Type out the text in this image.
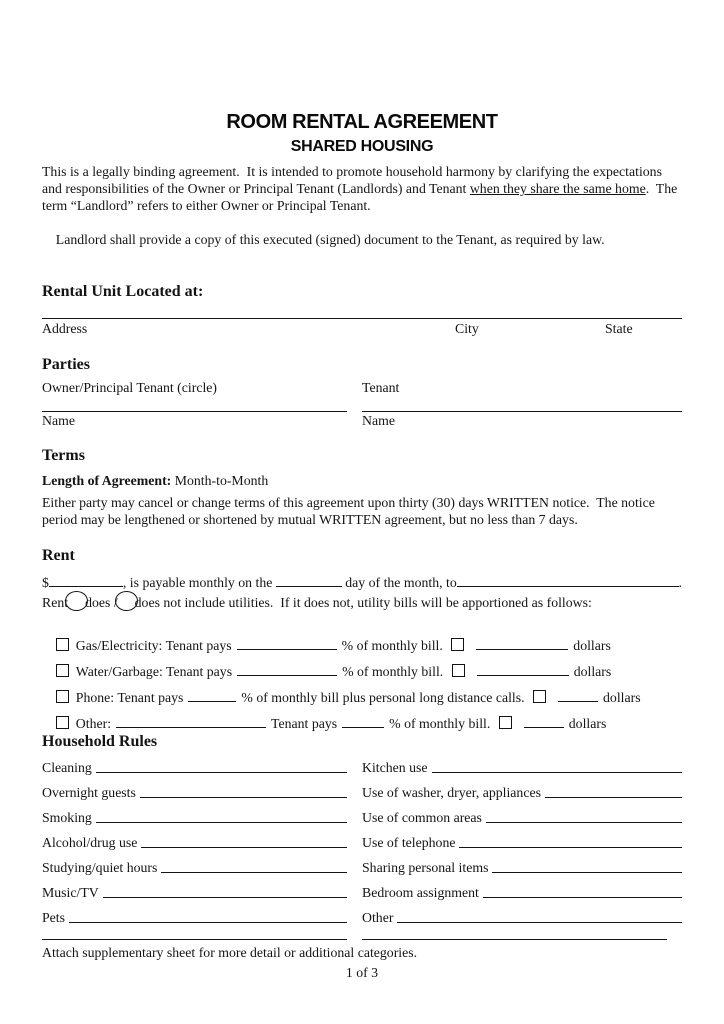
ROOM RENTAL AGREEMENT
SHARED HOUSING
This is a legally binding agreement.  It is intended to promote household harmony by clarifying the expectations and responsibilities of the Owner or Principal Tenant (Landlords) and Tenant when they share the same home.  The term “Landlord” refers to either Owner or Principal Tenant.

Landlord shall provide a copy of this executed (signed) document to the Tenant, as required by law.

Rental Unit Located at:
Address	City	State
Parties
Owner/Principal Tenant (circle)	Tenant
Name	Name
Terms
Length of Agreement: Month-to-Month
Either party may cancel or change terms of this agreement upon thirty (30) days WRITTEN notice.  The notice period may be lengthened or shortened by mutual WRITTEN agreement, but no less than 7 days.
Rent
$	, is payable monthly on the	day of the month, to	.
Rent does / does not include utilities.  If it does not, utility bills will be apportioned as follows:

Gas/Electricity: Tenant pays	% of monthly bill.	dollars

Water/Garbage: Tenant pays	% of monthly bill.	dollars

Phone: Tenant pays	% of monthly bill plus personal long distance calls.	dollars

Other:	Tenant pays	% of monthly bill.	dollars

Household Rules
Cleaning	Kitchen use
Overnight guests	Use of washer, dryer, appliances
Smoking	Use of common areas
Alcohol/drug use	Use of telephone
Studying/quiet hours	Sharing personal items
Music/TV	Bedroom assignment
Pets	Other
Attach supplementary sheet for more detail or additional categories.
1 of 3
